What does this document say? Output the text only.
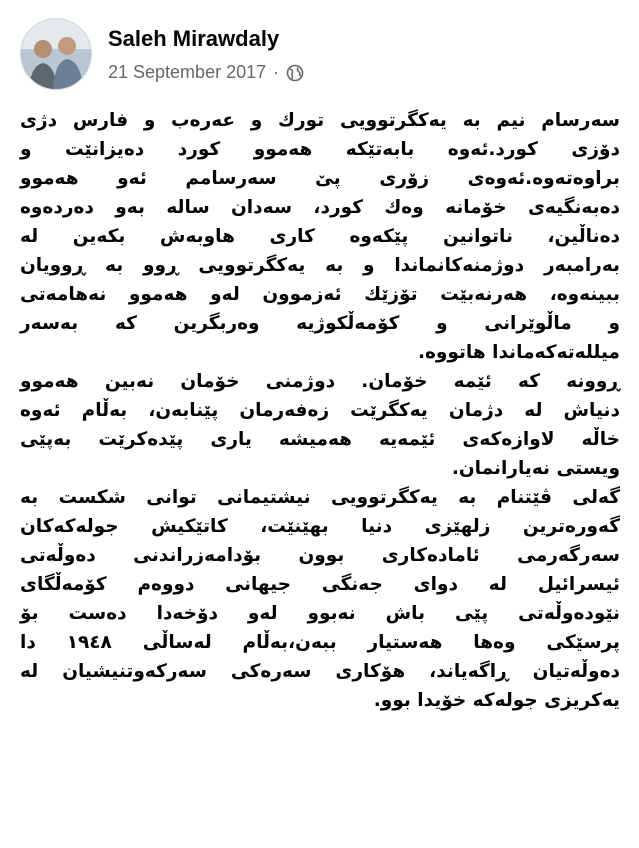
Saleh Mirawdaly
21 September 2017 ·
سەرسام نیم بە یەکگرتوویی تورك و عەرەب و فارس دژی
دۆزی کورد.ئەوە بابەتێکە هەموو کورد دەیزانێت و
براوەتەوە.ئەوەی زۆری پێ سەرسامم ئەو هەموو
دەبەنگیەی خۆمانە وەك کورد، سەدان سالە بەو دەردەوە
دەناڵین، ناتوانین پێکەوە کاری هاوبەش بکەین لە
بەرامبەر دوژمنەکانماندا و بە یەکگرتوویی ڕوو بە ڕوویان
ببینەوە، هەرنەبێت تۆزێك ئەزموون لەو هەموو نەهامەتی
و ماڵوێرانی و کۆمەڵکوژیە وەربگرین کە بەسەر
میللەتەکەماندا هاتووە.
ڕوونە کە ئێمە خۆمان. دوژمنی خۆمان نەبین هەموو
دنیاش لە دژمان یەکگرێت زەفەرمان پێنابەن، بەڵام ئەوە
خاڵە لاوازەکەی ئێمەیە هەمیشە یاری پێدەکرێت بەپێی
ویستی نەیارانمان.
گەلی ڤێتنام بە یەکگرتوویی نیشتیمانی توانی شکست بە
گەورەترین زلهێزی دنیا بهێنێت، کاتێکیش جولەکەکان
سەرگەرمی ئامادەکاری بوون بۆدامەزراندنی دەوڵەتی
ئیسرائیل لە دوای جەنگی جیهانی دووەم کۆمەڵگای
نێودەوڵەتی پێی باش نەبوو لەو دۆخەدا دەست بۆ
پرسێکی وەها هەستیار ببەن،بەڵام لەساڵی ١٩٤٨ دا
دەوڵەتیان ڕاگەیاند، هۆکاری سەرەکی سەرکەوتنیشیان لە
یەکریزی جولەکە خۆیدا بوو.
